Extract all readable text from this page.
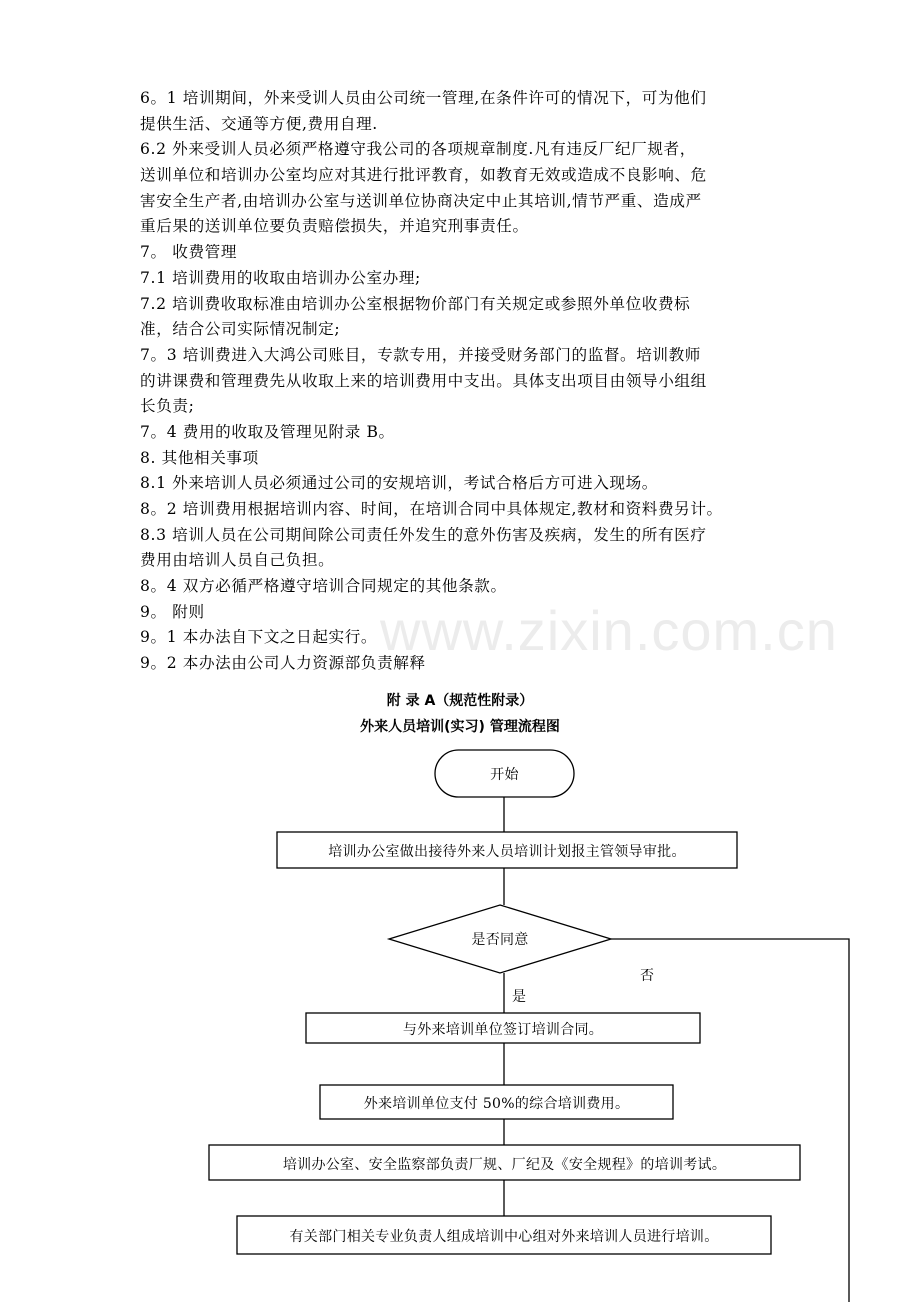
6。1 培训期间，外来受训人员由公司统一管理,在条件许可的情况下，可为他们
提供生活、交通等方便,费用自理.
6.2 外来受训人员必须严格遵守我公司的各项规章制度.凡有违反厂纪厂规者，
送训单位和培训办公室均应对其进行批评教育，如教育无效或造成不良影响、危
害安全生产者,由培训办公室与送训单位协商决定中止其培训,情节严重、造成严
重后果的送训单位要负责赔偿损失，并追究刑事责任。
7。 收费管理
7.1 培训费用的收取由培训办公室办理;
7.2 培训费收取标准由培训办公室根据物价部门有关规定或参照外单位收费标
准，结合公司实际情况制定;
7。3 培训费进入大鸿公司账目，专款专用，并接受财务部门的监督。培训教师
的讲课费和管理费先从收取上来的培训费用中支出。具体支出项目由领导小组组
长负责;
7。4 费用的收取及管理见附录 B。
8. 其他相关事项
8.1 外来培训人员必须通过公司的安规培训，考试合格后方可进入现场。
8。2 培训费用根据培训内容、时间，在培训合同中具体规定,教材和资料费另计。
8.3 培训人员在公司期间除公司责任外发生的意外伤害及疾病，发生的所有医疗
费用由培训人员自己负担。
8。4 双方必循严格遵守培训合同规定的其他条款。
9。 附则
9。1 本办法自下文之日起实行。
9。2 本办法由公司人力资源部负责解释
www.zixin.com.cn
附 录 A（规范性附录）
外来人员培训(实习) 管理流程图
开始
培训办公室做出接待外来人员培训计划报主管领导审批。
是否同意
否
是
与外来培训单位签订培训合同。
外来培训单位支付 50%的综合培训费用。
培训办公室、安全监察部负责厂规、厂纪及《安全规程》的培训考试。
有关部门相关专业负责人组成培训中心组对外来培训人员进行培训。
